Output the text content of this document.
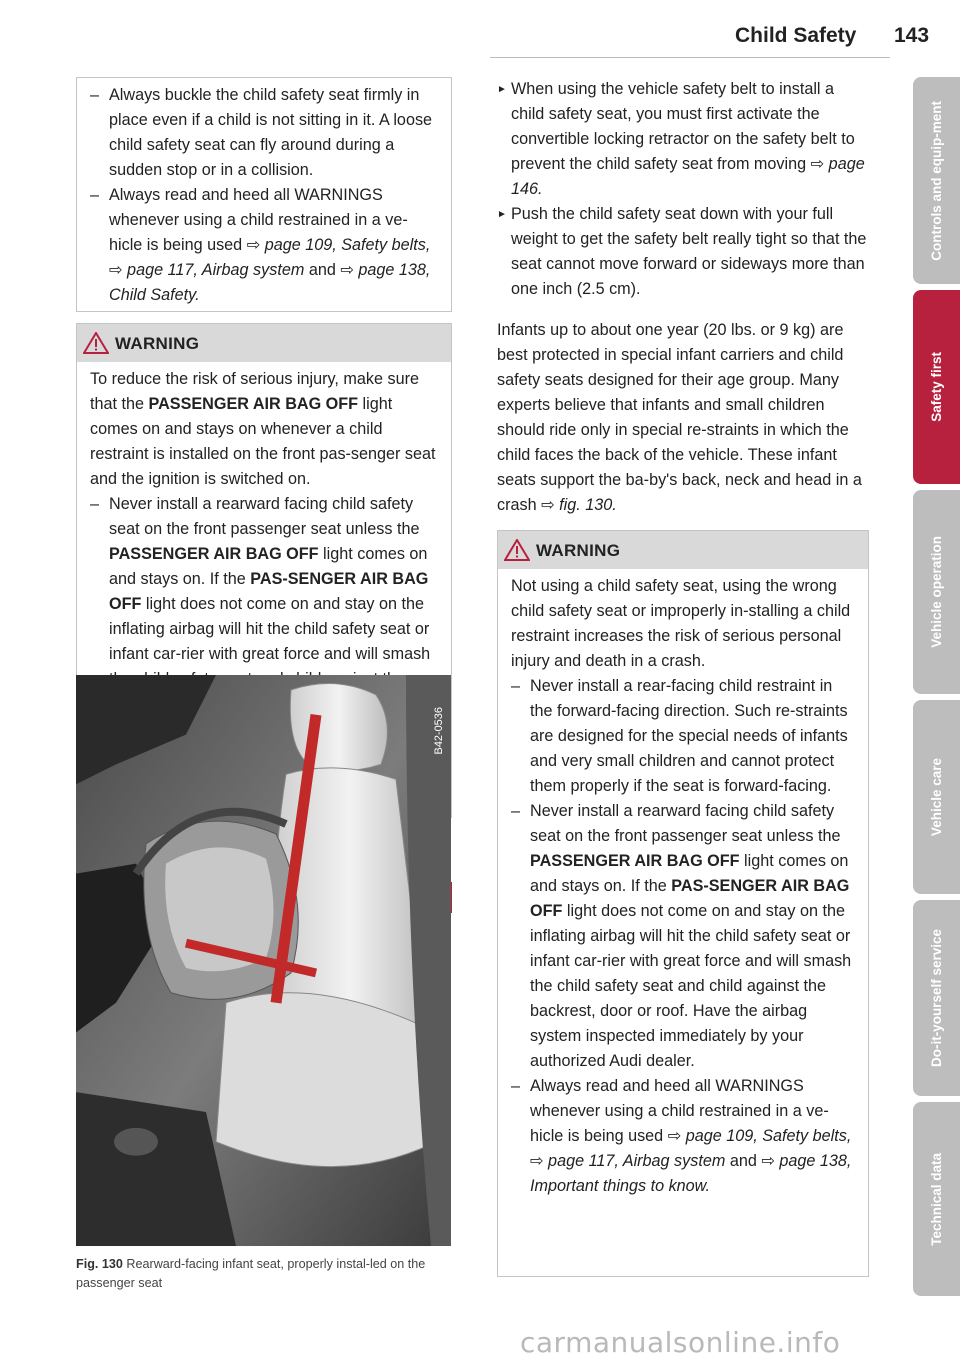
Child Safety 143
– Always buckle the child safety seat firmly in place even if a child is not sitting in it. A loose child safety seat can fly around during a sudden stop or in a collision.
– Always read and heed all WARNINGS whenever using a child restrained in a ve-hicle is being used ⇨ page 109, Safety belts, ⇨ page 117, Airbag system and ⇨ page 138, Child Safety.
WARNING

To reduce the risk of serious injury, make sure that the PASSENGER AIR BAG OFF light comes on and stays on whenever a child restraint is installed on the front pas-senger seat and the ignition is switched on.

– Never install a rearward facing child safety seat on the front passenger seat unless the PASSENGER AIR BAG OFF light comes on and stays on. If the PAS-SENGER AIR BAG OFF light does not come on and stay on the inflating airbag will hit the child safety seat or infant car-rier with great force and will smash
B42-0536
Fig. 130 Rearward-facing infant seat, properly instal-led on the passenger seat
► When using the vehicle safety belt to install a child safety seat, you must first activate the convertible locking retractor on the safety belt to prevent the child safety seat from moving ⇨ page 146.
► Push the child safety seat down with your full weight to get the safety belt really tight so that the seat cannot move forward or sideways more than one inch (2.5 cm).

Infants up to about one year (20 lbs. or 9 kg) are best protected in special infant carriers and child safety seats designed for their age group. Many experts believe that infants and small children should ride only in special re-straints in which the child faces the back of the vehicle. These infant seats support the ba-by's back, neck and head in a crash ⇨ fig. 130.

WARNING

Not using a child safety seat, using the wrong child safety seat or improperly in-stalling a child restraint increases the risk of serious personal injury and death in a crash.

– Never install a rear-facing child restraint in the forward-facing direction. Such re-straints are designed for the special needs of infants and very small children and cannot protect them properly if the seat is forward-facing.
– Never install a rearward facing child safety seat on the front passenger seat unless the PASSENGER AIR BAG OFF light comes on and stays on. If the PAS-SENGER AIR BAG OFF light does not come on and stay on the inflating airbag will hit the child safety seat or infant car-rier with great force and will smash the child safety seat and child against the backrest, door or roof. Have the airbag system inspected immediately by your authorized Audi dealer.
– Always read and heed all WARNINGS whenever using a child restrained in a ve-hicle is being used ⇨ page 109, Safety belts, ⇨ page 117, Airbag system and ⇨ page 138, Important things to know.
Controls and equip-ment
Safety first
Vehicle operation
Vehicle care
Do-it-yourself service
Technical data
carmanualsonline.info
